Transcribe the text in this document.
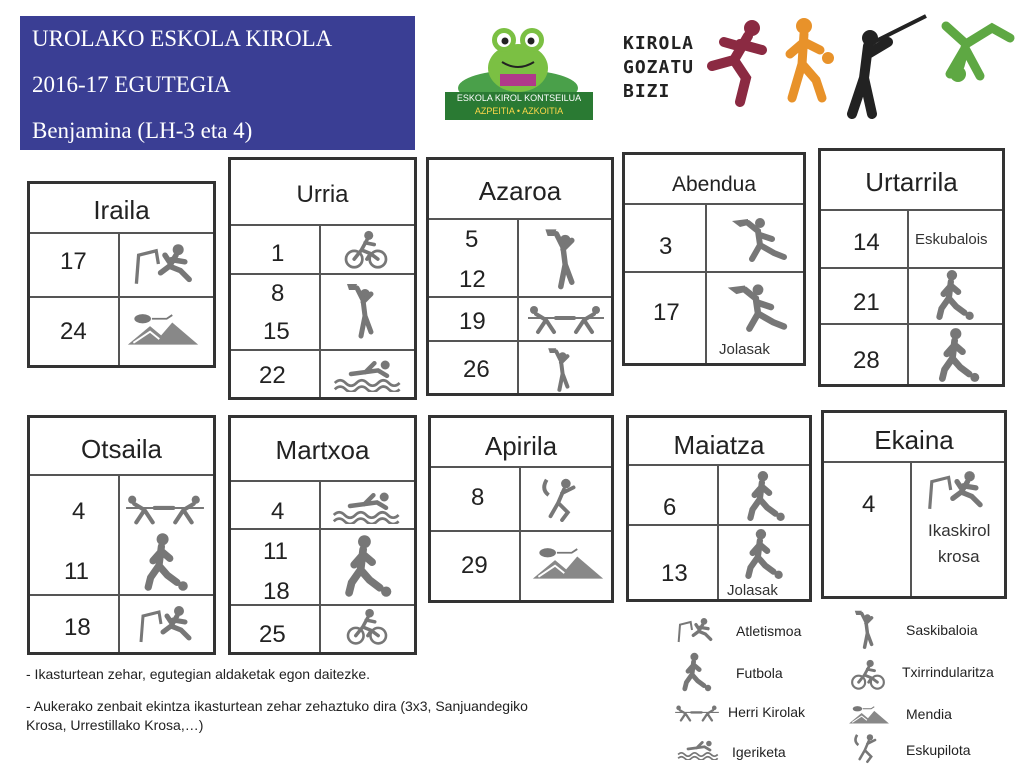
UROLAKO ESKOLA KIROLA
2016-17 EGUTEGIA
Benjamina (LH-3 eta 4)
ESKOLA KIROL KONTSEILUA
AZPEITIA • AZKOITIA
KIROLA
GOZATU
BIZI
Iraila
17
24
Urria
1
8
15
22
Azaroa
5
12
19
26
Abendua
3
17
Jolasak
Urtarrila
14
21
28
Eskubalois
Otsaila
4
11
18
Martxoa
4
11
18
25
Apirila
8
29
Maiatza
6
13
Jolasak
Ekaina
4
Ikaskirol
krosa
- Ikasturtean zehar, egutegian aldaketak egon daitezke.
- Aukerako zenbait ekintza ikasturtean zehar zehaztuko dira (3x3, Sanjuandegiko
Krosa, Urrestillako Krosa,…)
Atletismoa
Futbola
Herri Kirolak
Igeriketa
Saskibaloia
Txirrindularitza
Mendia
Eskupilota
